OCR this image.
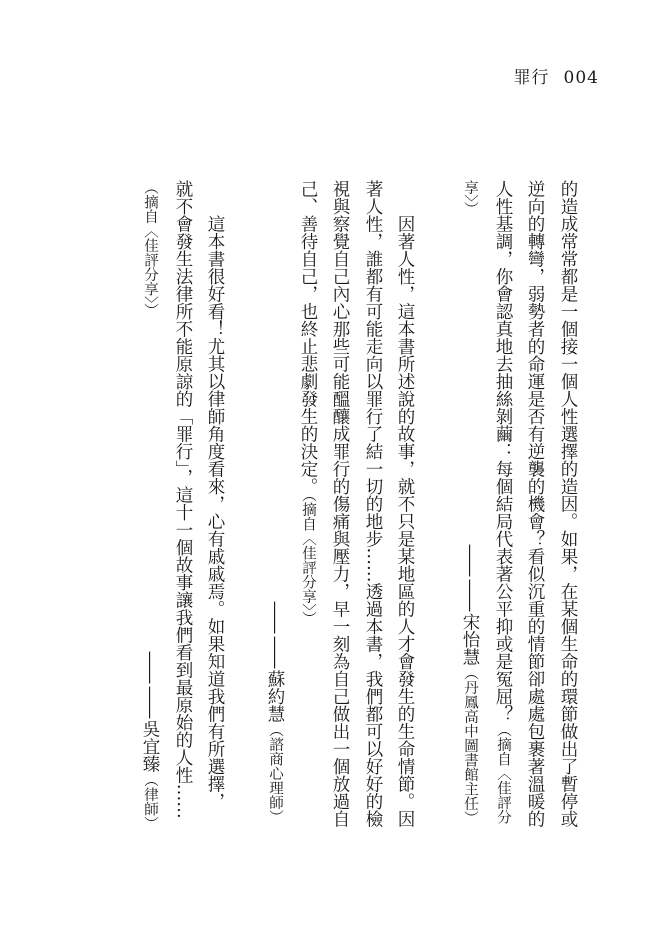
罪行 004
的造成常常都是一個接一個人性選擇的造因。如果，在某個生命的環節做出了暫停或
逆向的轉彎，弱勢者的命運是否有逆襲的機會？看似沉重的情節卻處處包裹著溫暖的
人性基調，你會認真地去抽絲剝繭：每個結局代表著公平抑或是冤屈？（摘自〈佳評分
享〉）
——宋怡慧（丹鳳高中圖書館主任）
因著人性，這本書所述說的故事，就不只是某地區的人才會發生的生命情節。因
著人性，誰都有可能走向以罪行了結一切的地步……透過本書，我們都可以好好的檢
視與察覺自己內心那些可能醞釀成罪行的傷痛與壓力，早一刻為自己做出一個放過自
己、善待自己，也終止悲劇發生的決定。（摘自〈佳評分享〉）
——蘇約慧（諮商心理師）
這本書很好看！尤其以律師角度看來，心有戚戚焉。如果知道我們有所選擇，
就不會發生法律所不能原諒的「罪行」，這十一個故事讓我們看到最原始的人性……
（摘自〈佳評分享〉）
——吳宜臻（律師）
